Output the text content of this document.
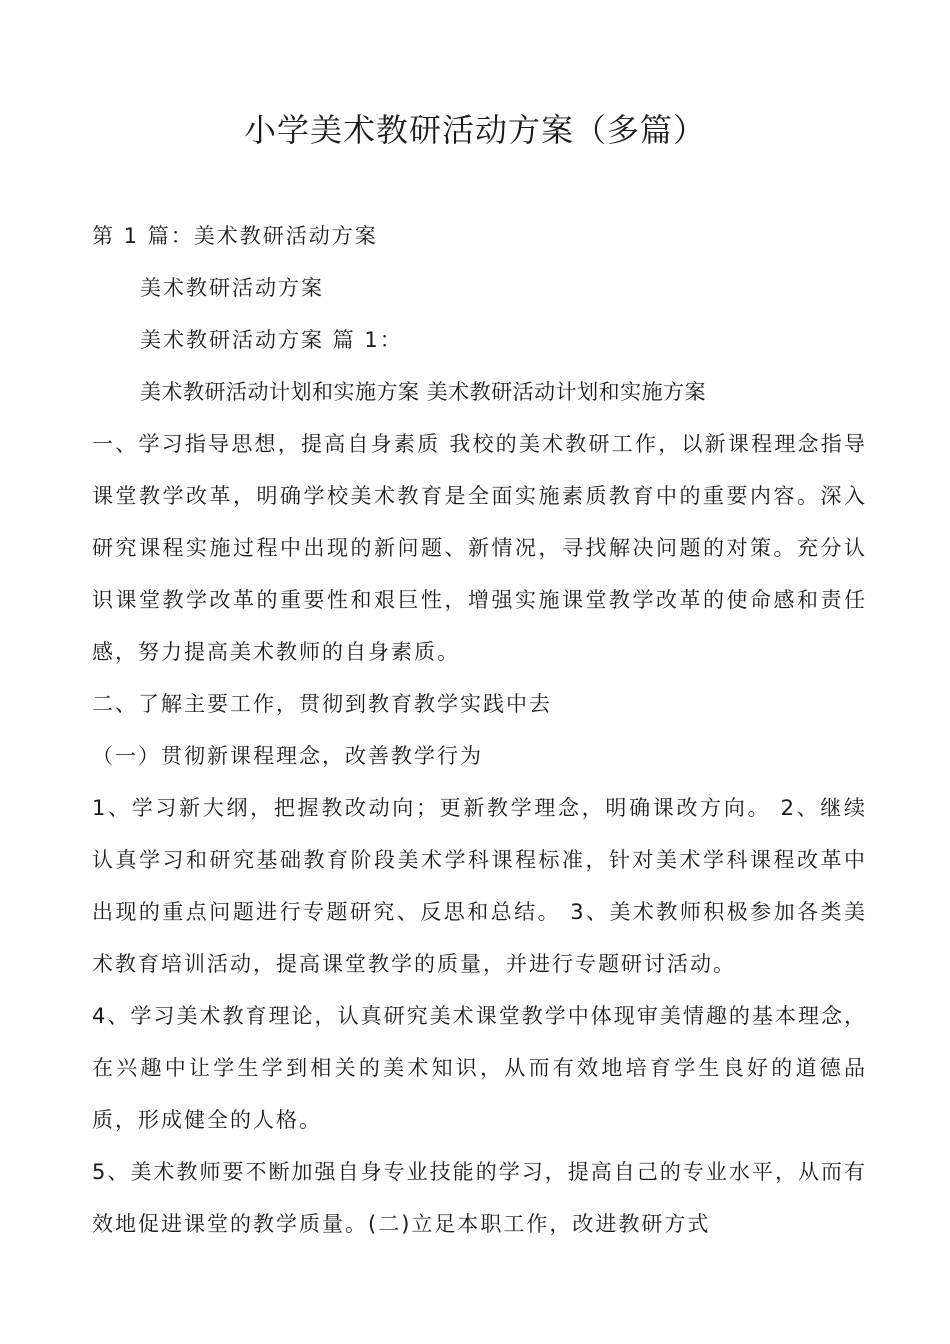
小学美术教研活动方案（多篇）

第 1 篇：美术教研活动方案

美术教研活动方案

美术教研活动方案 篇 1：

美术教研活动计划和实施方案 美术教研活动计划和实施方案

一、学习指导思想，提高自身素质 我校的美术教研工作，以新课程理念指导课堂教学改革，明确学校美术教育是全面实施素质教育中的重要内容。深入研究课程实施过程中出现的新问题、新情况，寻找解决问题的对策。充分认识课堂教学改革的重要性和艰巨性，增强实施课堂教学改革的使命感和责任感，努力提高美术教师的自身素质。

二、了解主要工作，贯彻到教育教学实践中去

（一）贯彻新课程理念，改善教学行为

1、学习新大纲，把握教改动向；更新教学理念，明确课改方向。 2、继续认真学习和研究基础教育阶段美术学科课程标准，针对美术学科课程改革中出现的重点问题进行专题研究、反思和总结。 3、美术教师积极参加各类美术教育培训活动，提高课堂教学的质量，并进行专题研讨活动。

4、学习美术教育理论，认真研究美术课堂教学中体现审美情趣的基本理念，在兴趣中让学生学到相关的美术知识，从而有效地培育学生良好的道德品质，形成健全的人格。

5、美术教师要不断加强自身专业技能的学习，提高自己的专业水平，从而有效地促进课堂的教学质量。(二)立足本职工作，改进教研方式
